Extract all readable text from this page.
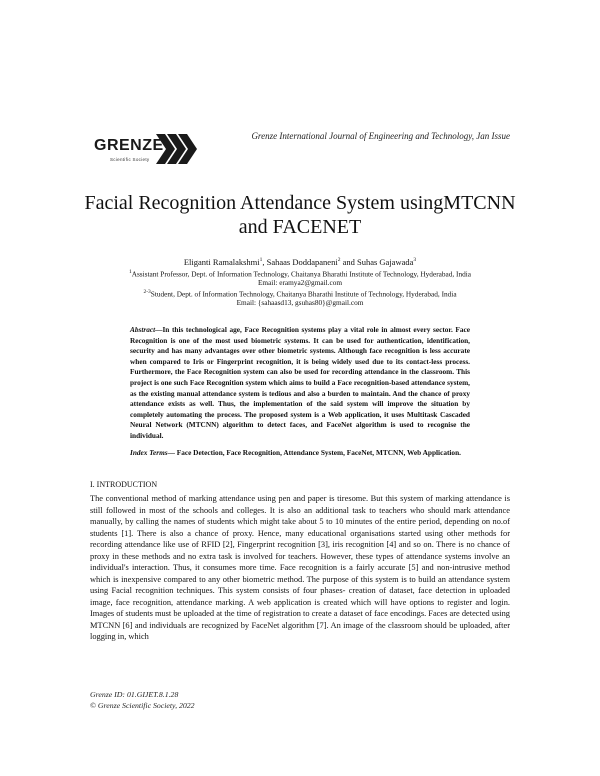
GRENZE
Scientific Society
Grenze International Journal of Engineering and Technology, Jan Issue
Facial Recognition Attendance System usingMTCNN
and FACENET
Eliganti Ramalakshmi$^1$, Sahaas Doddapaneni$^2$ and Suhas Gajawada$^3$
$^1$Assistant Professor, Dept. of Information Technology, Chaitanya Bharathi Institute of Technology, Hyderabad, India
Email: eramya2@gmail.com
$^{2-3}$Student, Dept. of Information Technology, Chaitanya Bharathi Institute of Technology, Hyderabad, India
Email: {sahaasd13, gsuhas80}@gmail.com
Abstract—In this technological age, Face Recognition systems play a vital role in almost every sector. Face Recognition is one of the most used biometric systems. It can be used for authentication, identification, security and has many advantages over other biometric systems. Although face recognition is less accurate when compared to Iris or Fingerprint recognition, it is being widely used due to its contact-less process. Furthermore, the Face Recognition system can also be used for recording attendance in the classroom. This project is one such Face Recognition system which aims to build a Face recognition-based attendance system, as the existing manual attendance system is tedious and also a burden to maintain. And the chance of proxy attendance exists as well. Thus, the implementation of the said system will improve the situation by completely automating the process. The proposed system is a Web application, it uses Multitask Cascaded Neural Network (MTCNN) algorithm to detect faces, and FaceNet algorithm is used to recognise the individual.
Index Terms— Face Detection, Face Recognition, Attendance System, FaceNet, MTCNN, Web Application.
I. INTRODUCTION
The conventional method of marking attendance using pen and paper is tiresome. But this system of marking attendance is still followed in most of the schools and colleges. It is also an additional task to teachers who should mark attendance manually, by calling the names of students which might take about 5 to 10 minutes of the entire period, depending on no.of students [1]. There is also a chance of proxy. Hence, many educational organisations started using other methods for recording attendance like use of RFID [2], Fingerprint recognition [3], iris recognition [4] and so on. There is no chance of proxy in these methods and no extra task is involved for teachers. However, these types of attendance systems involve an individual's interaction. Thus, it consumes more time. Face recognition is a fairly accurate [5] and non-intrusive method which is inexpensive compared to any other biometric method. The purpose of this system is to build an attendance system using Facial recognition techniques. This system consists of four phases- creation of dataset, face detection in uploaded image, face recognition, attendance marking. A web application is created which will have options to register and login. Images of students must be uploaded at the time of registration to create a dataset of face encodings. Faces are detected using MTCNN [6] and individuals are recognized by FaceNet algorithm [7]. An image of the classroom should be uploaded, after logging in, which
Grenze ID: 01.GIJET.8.1.28
© Grenze Scientific Society, 2022
